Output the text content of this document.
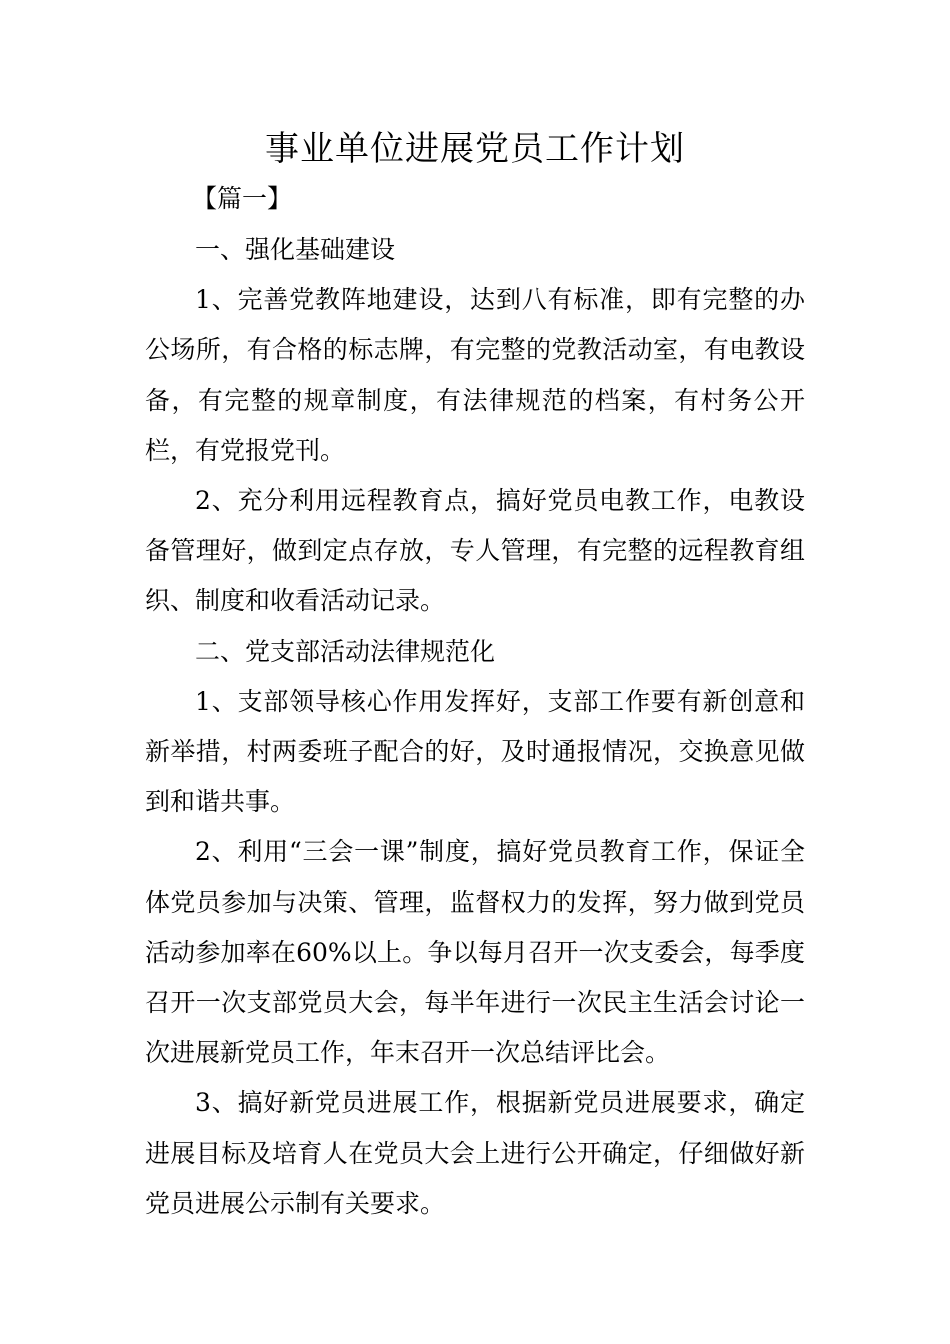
事业单位进展党员工作计划

【篇一】

一、强化基础建设

1、完善党教阵地建设，达到八有标准，即有完整的办公场所，有合格的标志牌，有完整的党教活动室，有电教设备，有完整的规章制度，有法律规范的档案，有村务公开栏，有党报党刊。

2、充分利用远程教育点，搞好党员电教工作，电教设备管理好，做到定点存放，专人管理，有完整的远程教育组织、制度和收看活动记录。

二、党支部活动法律规范化

1、支部领导核心作用发挥好，支部工作要有新创意和新举措，村两委班子配合的好，及时通报情况，交换意见做到和谐共事。

2、利用“三会一课”制度，搞好党员教育工作，保证全体党员参加与决策、管理，监督权力的发挥，努力做到党员活动参加率在60%以上。争以每月召开一次支委会，每季度召开一次支部党员大会，每半年进行一次民主生活会讨论一次进展新党员工作，年末召开一次总结评比会。

3、搞好新党员进展工作，根据新党员进展要求，确定进展目标及培育人在党员大会上进行公开确定，仔细做好新党员进展公示制有关要求。
